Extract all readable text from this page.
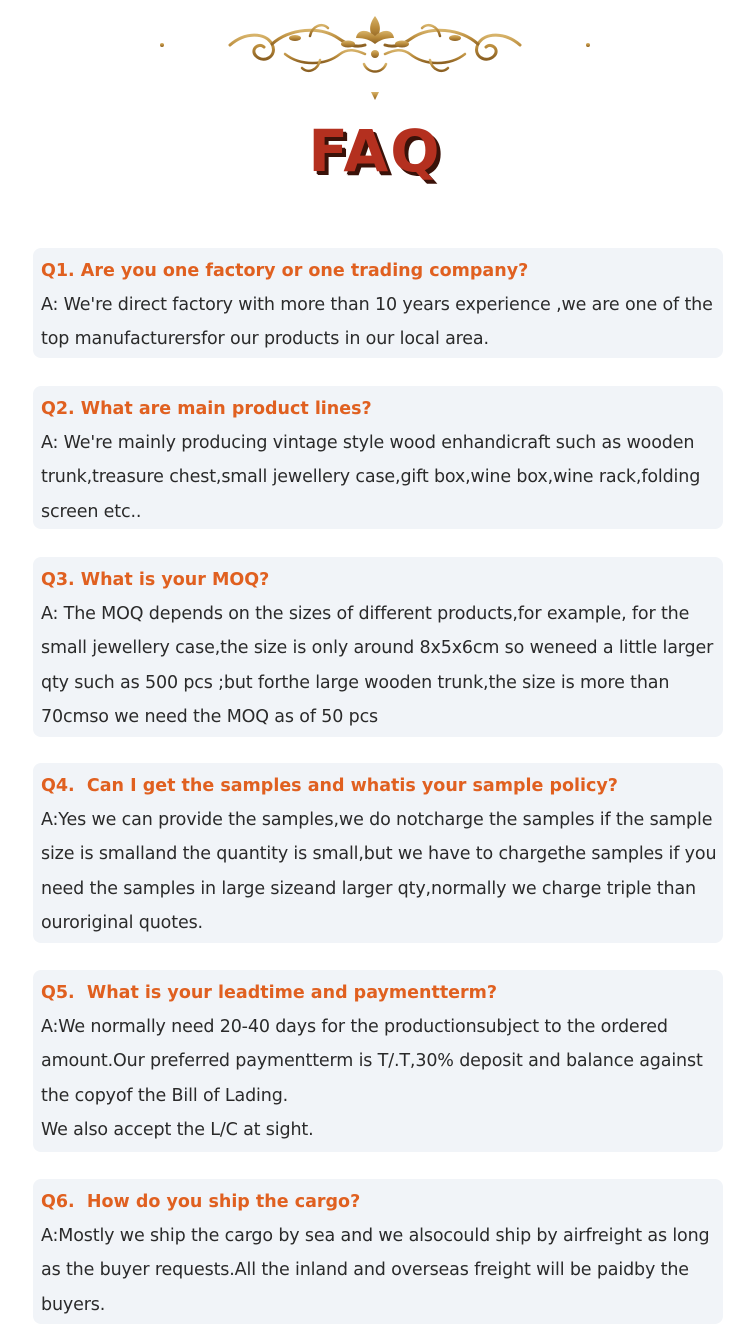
FAQ
Q1. Are you one factory or one trading company?
A: We're direct factory with more than 10 years experience ,we are one of the
top manufacturersfor our products in our local area.
Q2. What are main product lines?
A: We're mainly producing vintage style wood enhandicraft such as wooden
trunk,treasure chest,small jewellery case,gift box,wine box,wine rack,folding
screen etc..
Q3. What is your MOQ?
A: The MOQ depends on the sizes of different products,for example, for the
small jewellery case,the size is only around 8x5x6cm so weneed a little larger
qty such as 500 pcs ;but forthe large wooden trunk,the size is more than
70cmso we need the MOQ as of 50 pcs
Q4.  Can I get the samples and whatis your sample policy?
A:Yes we can provide the samples,we do notcharge the samples if the sample
size is smalland the quantity is small,but we have to chargethe samples if you
need the samples in large sizeand larger qty,normally we charge triple than
ouroriginal quotes.
Q5.  What is your leadtime and paymentterm?
A:We normally need 20-40 days for the productionsubject to the ordered
amount.Our preferred paymentterm is T/.T,30% deposit and balance against
the copyof the Bill of Lading.
We also accept the L/C at sight.
Q6.  How do you ship the cargo?
A:Mostly we ship the cargo by sea and we alsocould ship by airfreight as long
as the buyer requests.All the inland and overseas freight will be paidby the
buyers.
